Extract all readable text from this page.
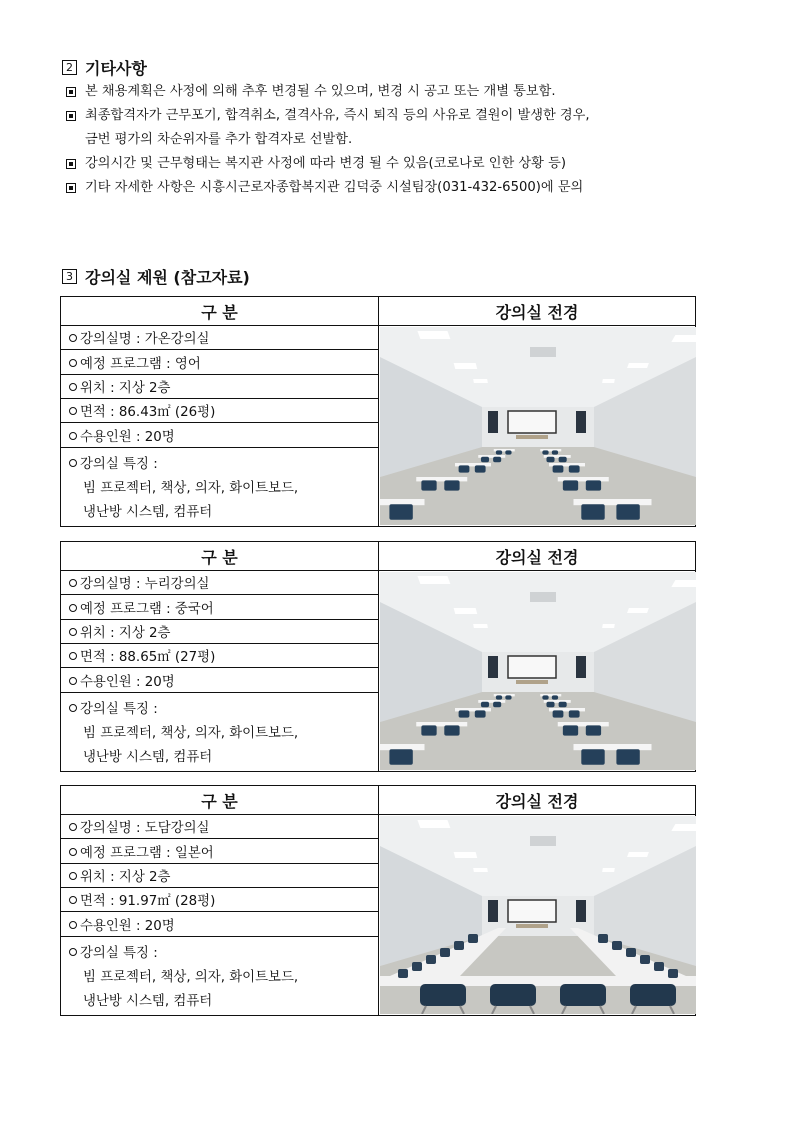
2 기타사항
본 채용계획은 사정에 의해 추후 변경될 수 있으며, 변경 시 공고 또는 개별 통보함.
최종합격자가 근무포기, 합격취소, 결격사유, 즉시 퇴직 등의 사유로 결원이 발생한 경우,
금번 평가의 차순위자를 추가 합격자로 선발함.
강의시간 및 근무형태는 복지관 사정에 따라 변경 될 수 있음(코로나로 인한 상황 등)
기타 자세한 사항은 시흥시근로자종합복지관 김덕중 시설팀장(031-432-6500)에 문의
3 강의실 제원 (참고자료)
구 분	강의실 전경
강의실명 : 가온강의실	

예정 프로그램 : 영어	
위치 : 지상 2층	
면적 : 86.43㎡ (26평)	
수용인원 : 20명	

강의실 특징 :
빔 프로젝터, 책상, 의자, 화이트보드,
냉난방 시스템, 컴퓨터	
구 분	강의실 전경
강의실명 : 누리강의실	

예정 프로그램 : 중국어	
위치 : 지상 2층	
면적 : 88.65㎡ (27평)	
수용인원 : 20명	

강의실 특징 :
빔 프로젝터, 책상, 의자, 화이트보드,
냉난방 시스템, 컴퓨터	
구 분	강의실 전경
강의실명 : 도담강의실	

예정 프로그램 : 일본어	
위치 : 지상 2층	
면적 : 91.97㎡ (28평)	
수용인원 : 20명	

강의실 특징 :
빔 프로젝터, 책상, 의자, 화이트보드,
냉난방 시스템, 컴퓨터	
